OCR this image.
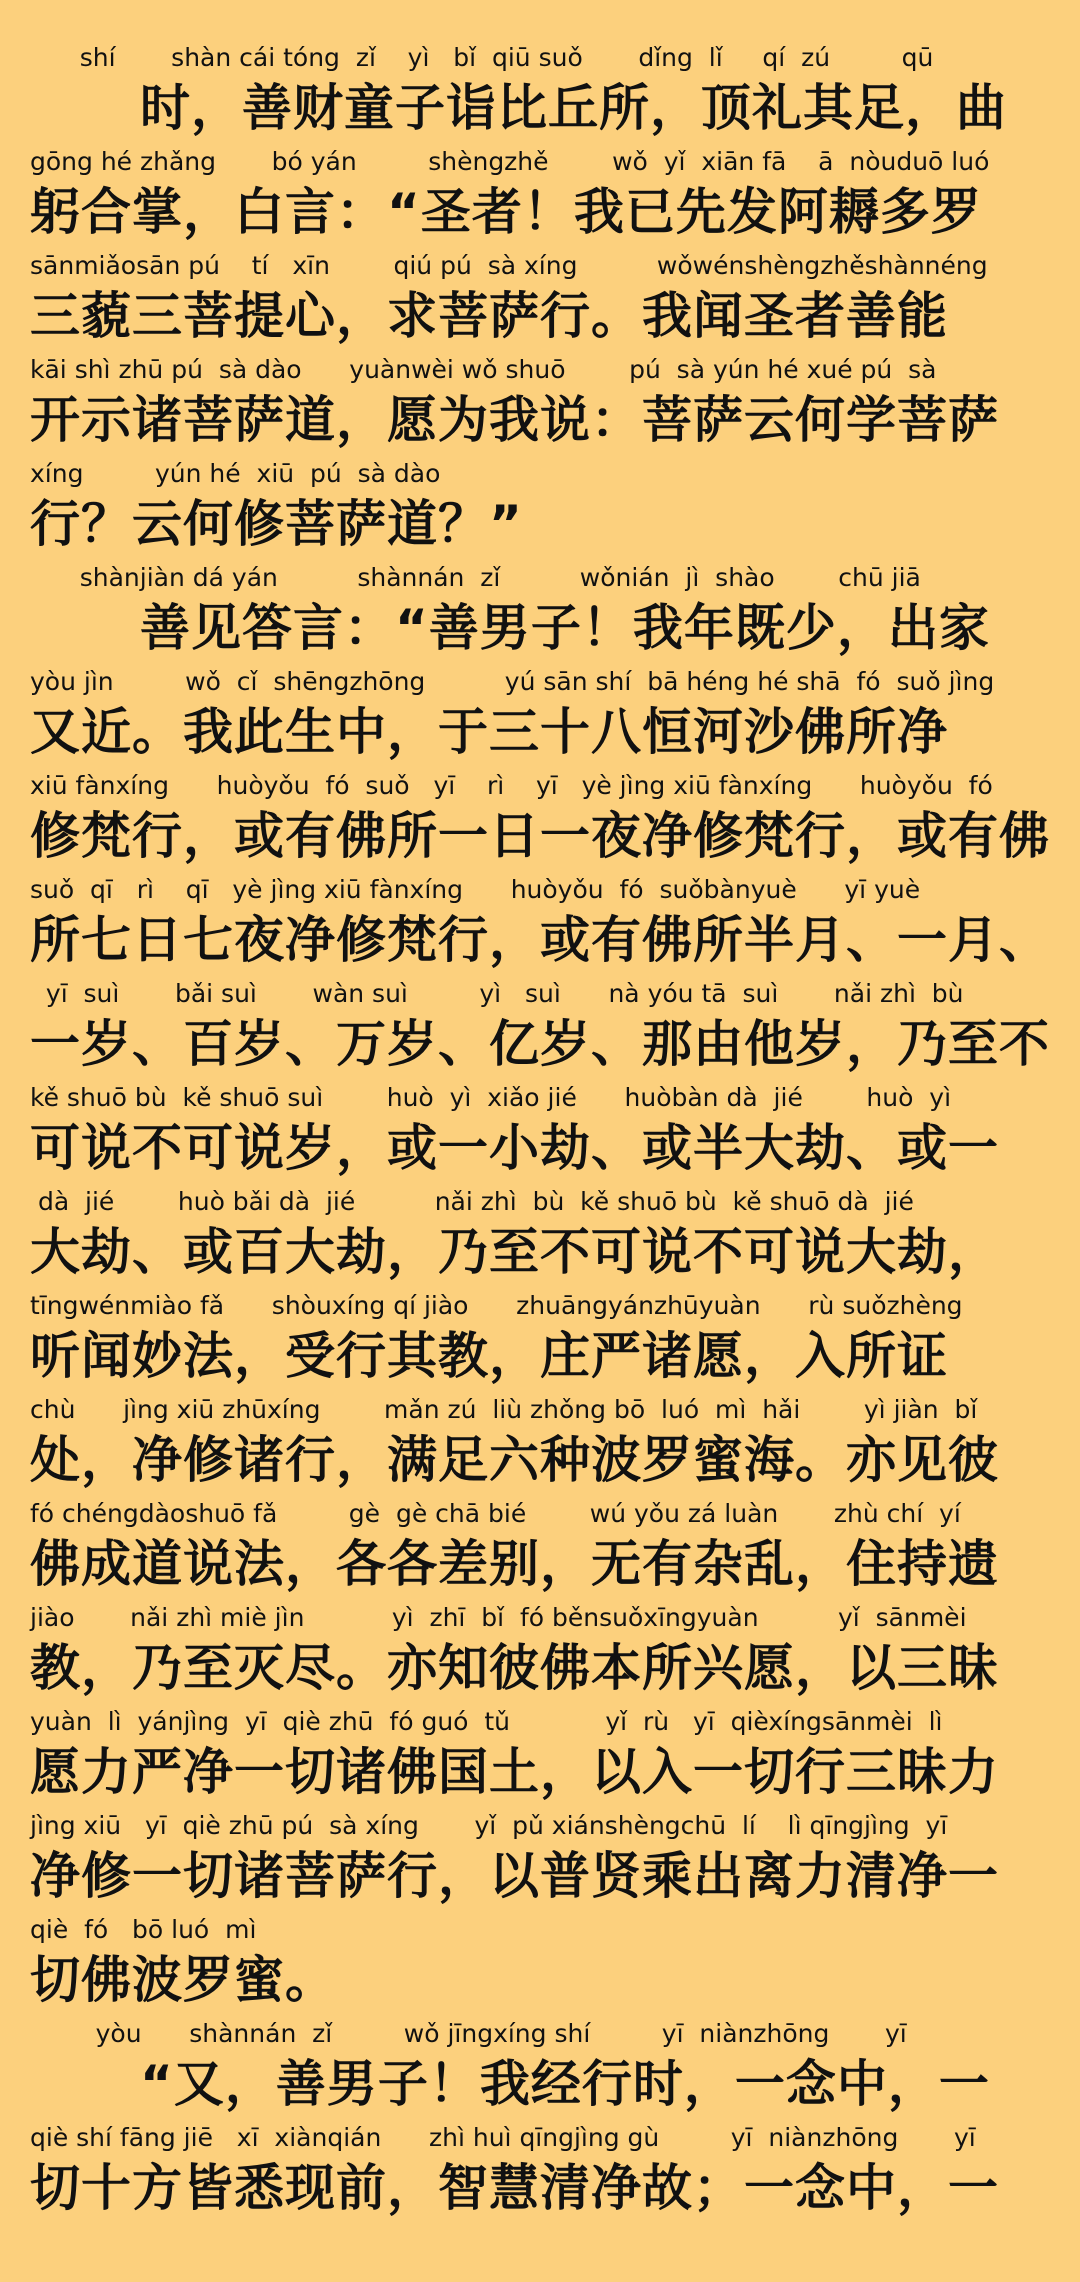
shí       shàn cái tóng  zǐ    yì   bǐ  qiū suǒ       dǐng  lǐ     qí  zú         qū
时，善财童子诣比丘所，顶礼其足，曲
gōng hé zhǎng       bó yán         shèngzhě        wǒ  yǐ  xiān fā    ā  nòuduō luó
躬合掌，白言：“圣者！我已先发阿耨多罗
sānmiǎosān pú    tí   xīn        qiú pú  sà xíng          wǒwénshèngzhěshànnéng
三藐三菩提心，求菩萨行。我闻圣者善能
kāi shì zhū pú  sà dào      yuànwèi wǒ shuō        pú  sà yún hé xué pú  sà
开示诸菩萨道，愿为我说：菩萨云何学菩萨
xíng         yún hé  xiū  pú  sà dào
行？云何修菩萨道？”
shànjiàn dá yán          shànnán  zǐ          wǒnián  jì  shào        chū jiā
善见答言：“善男子！我年既少，出家
yòu jìn         wǒ  cǐ  shēngzhōng          yú sān shí  bā héng hé shā  fó  suǒ jìng
又近。我此生中，于三十八恒河沙佛所净
xiū fànxíng      huòyǒu  fó  suǒ   yī    rì    yī   yè jìng xiū fànxíng      huòyǒu  fó
修梵行，或有佛所一日一夜净修梵行，或有佛
suǒ  qī   rì    qī   yè jìng xiū fànxíng      huòyǒu  fó  suǒbànyuè      yī yuè
所七日七夜净修梵行，或有佛所半月、一月、
yī  suì       bǎi suì       wàn suì         yì   suì      nà yóu tā  suì       nǎi zhì  bù
一岁、百岁、万岁、亿岁、那由他岁，乃至不
kě shuō bù  kě shuō suì        huò  yì  xiǎo jié      huòbàn dà  jié        huò  yì
可说不可说岁，或一小劫、或半大劫、或一
dà  jié        huò bǎi dà  jié          nǎi zhì  bù  kě shuō bù  kě shuō dà  jié
大劫、或百大劫，乃至不可说不可说大劫，
tīngwénmiào fǎ      shòuxíng qí jiào      zhuāngyánzhūyuàn      rù suǒzhèng
听闻妙法，受行其教，庄严诸愿，入所证
chù      jìng xiū zhūxíng        mǎn zú  liù zhǒng bō  luó  mì  hǎi        yì jiàn  bǐ
处，净修诸行，满足六种波罗蜜海。亦见彼
fó chéngdàoshuō fǎ         gè  gè chā bié        wú yǒu zá luàn       zhù chí  yí
佛成道说法，各各差别，无有杂乱，住持遗
jiào       nǎi zhì miè jìn           yì  zhī  bǐ  fó běnsuǒxīngyuàn          yǐ  sānmèi
教，乃至灭尽。亦知彼佛本所兴愿，以三昧
yuàn  lì  yánjìng  yī  qiè zhū  fó guó  tǔ            yǐ  rù   yī  qièxíngsānmèi  lì
愿力严净一切诸佛国土，以入一切行三昧力
jìng xiū   yī  qiè zhū pú  sà xíng       yǐ  pǔ xiánshèngchū  lí    lì qīngjìng  yī
净修一切诸菩萨行，以普贤乘出离力清净一
qiè  fó   bō luó  mì
切佛波罗蜜。
yòu      shànnán  zǐ         wǒ jīngxíng shí         yī  niànzhōng       yī
“又，善男子！我经行时，一念中，一
qiè shí fāng jiē   xī  xiànqián      zhì huì qīngjìng gù         yī  niànzhōng       yī
切十方皆悉现前，智慧清净故；一念中，一
